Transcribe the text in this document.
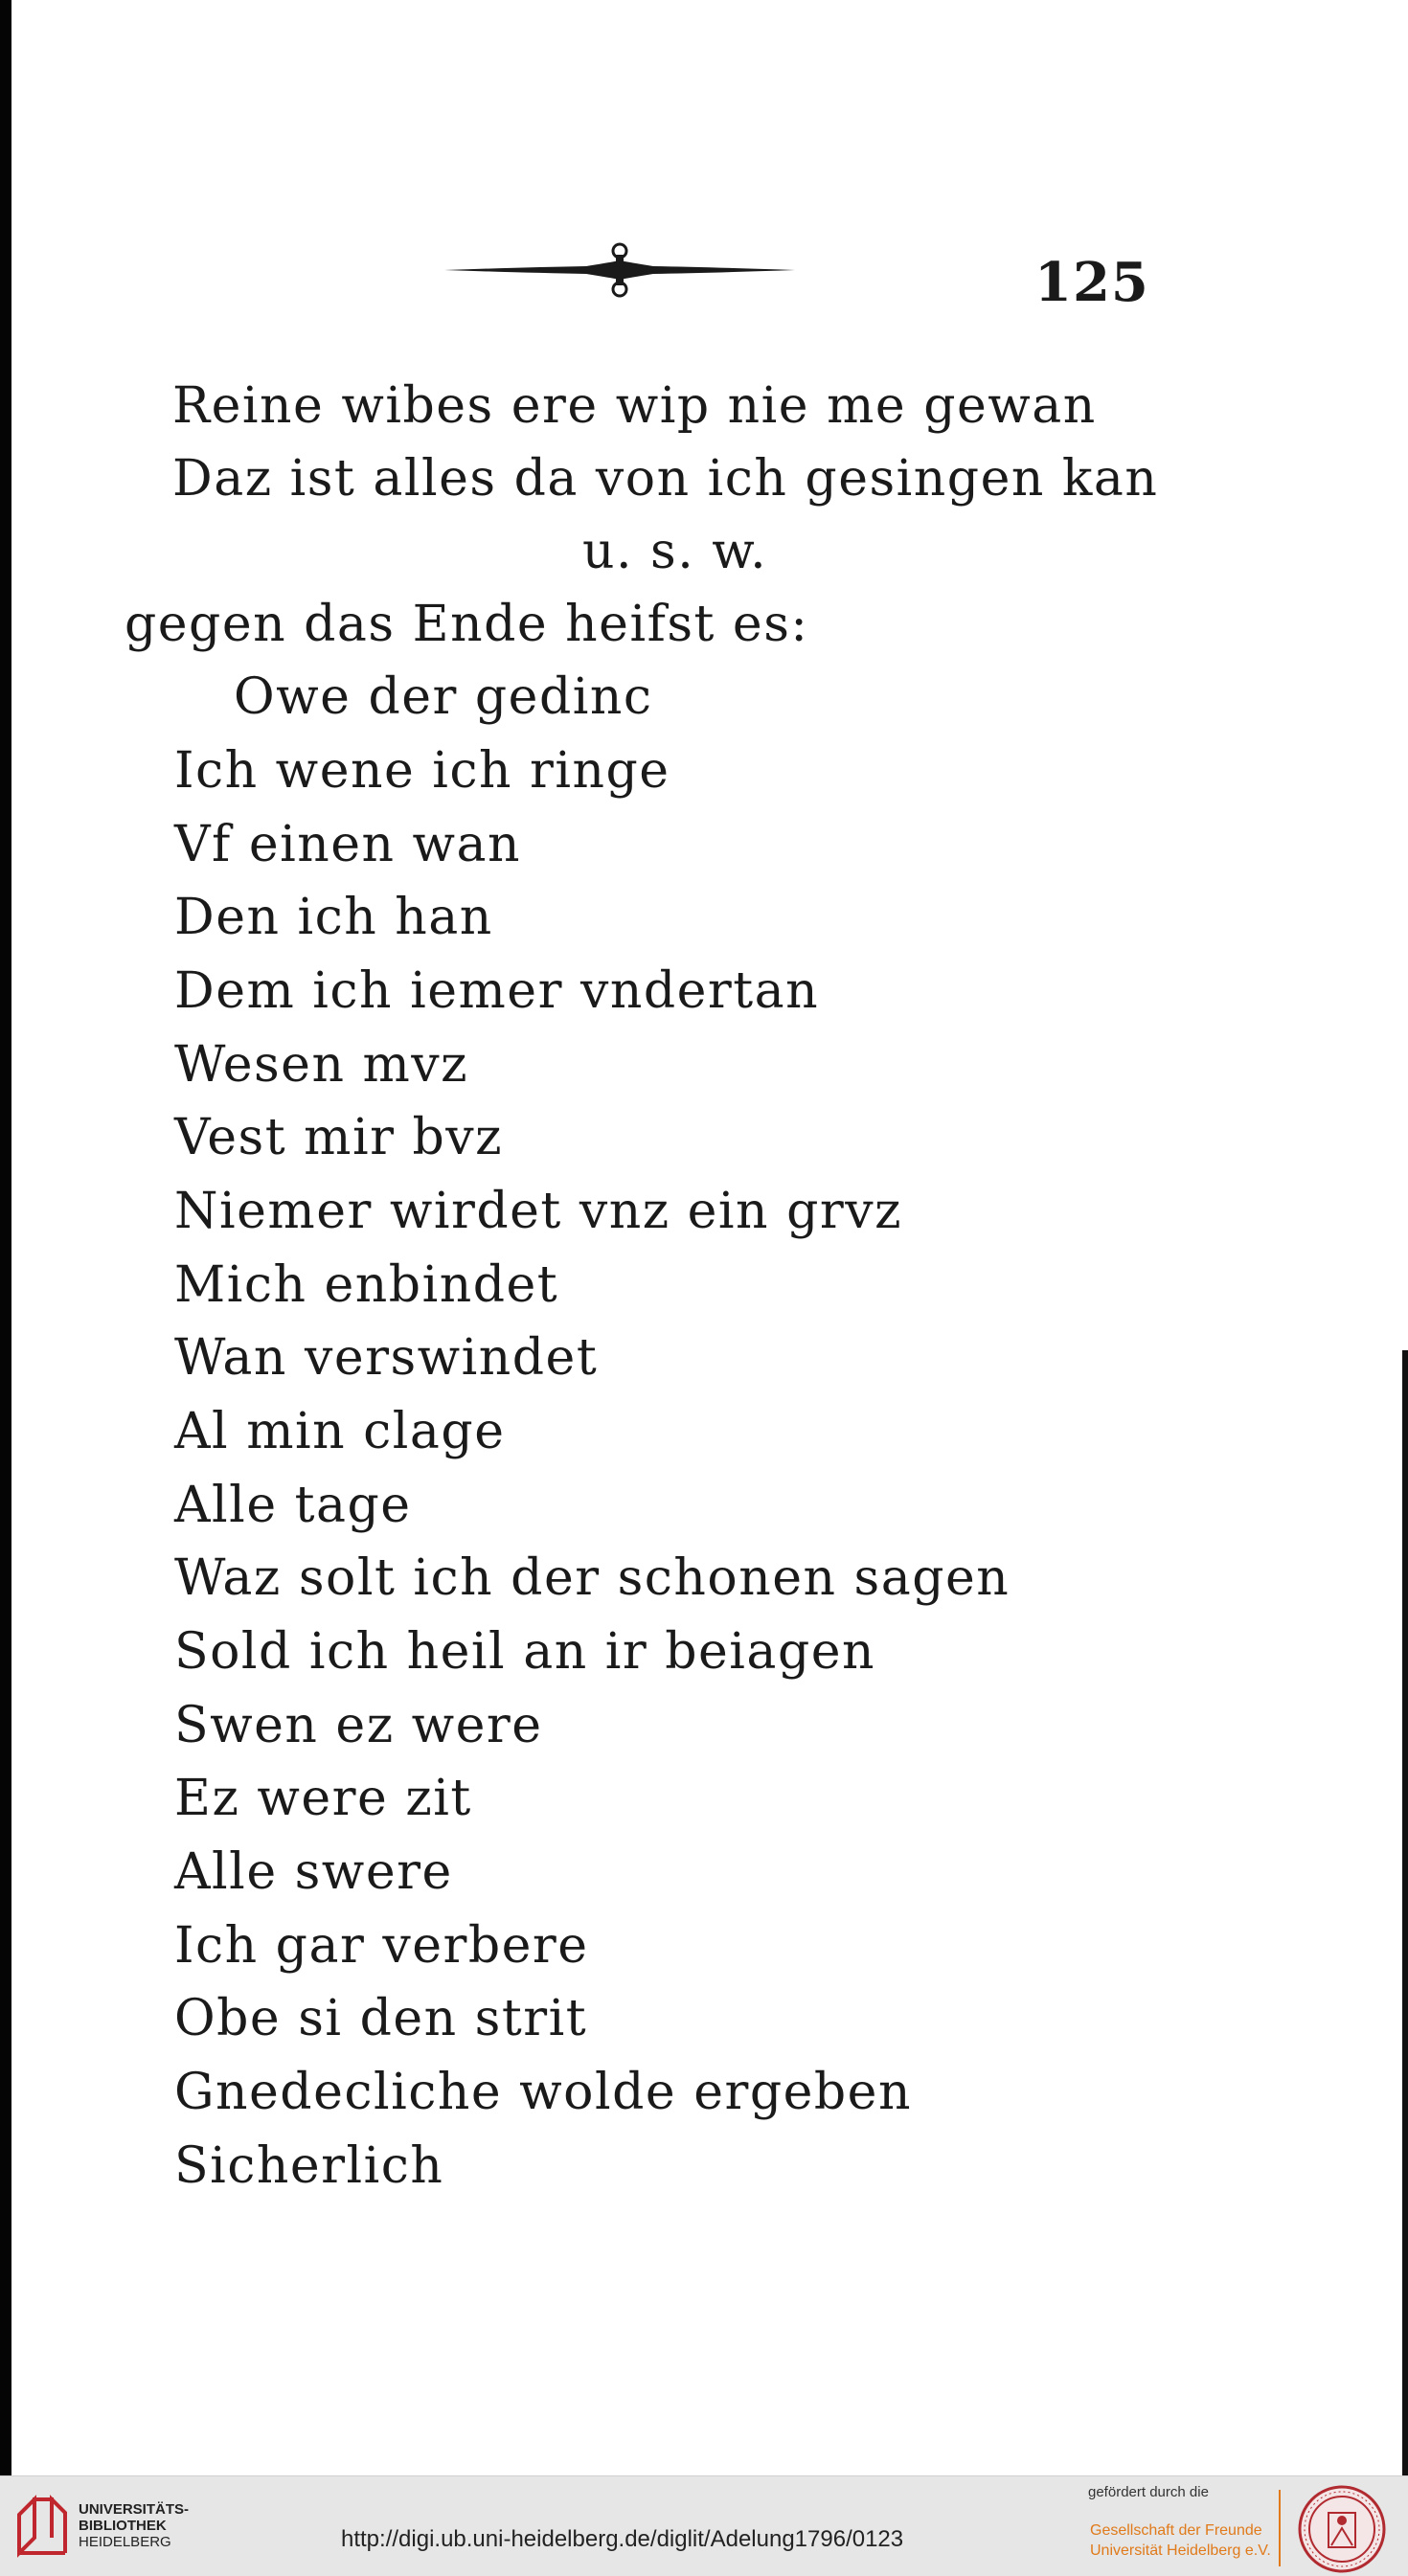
125
Reine wibes ere wip nie me gewan
Daz ist alles da von ich gesingen kan
u. s. w.
gegen das Ende heifst es:
Owe der gedinc
Ich wene ich ringe
Vf einen wan
Den ich han
Dem ich iemer vndertan
Wesen mvz
Vest mir bvz
Niemer wirdet vnz ein grvz
Mich enbindet
Wan verswindet
Al min clage
Alle tage
Waz solt ich der schonen sagen
Sold ich heil an ir beiagen
Swen ez were
Ez were zit
Alle swere
Ich gar verbere
Obe si den strit
Gnedecliche wolde ergeben
Sicherlich
UNIVERSITÄTS-
BIBLIOTHEK
HEIDELBERG	http://digi.ub.uni-heidelberg.de/diglit/Adelung1796/0123
gefördert durch die
Gesellschaft der Freunde
Universität Heidelberg e.V.
